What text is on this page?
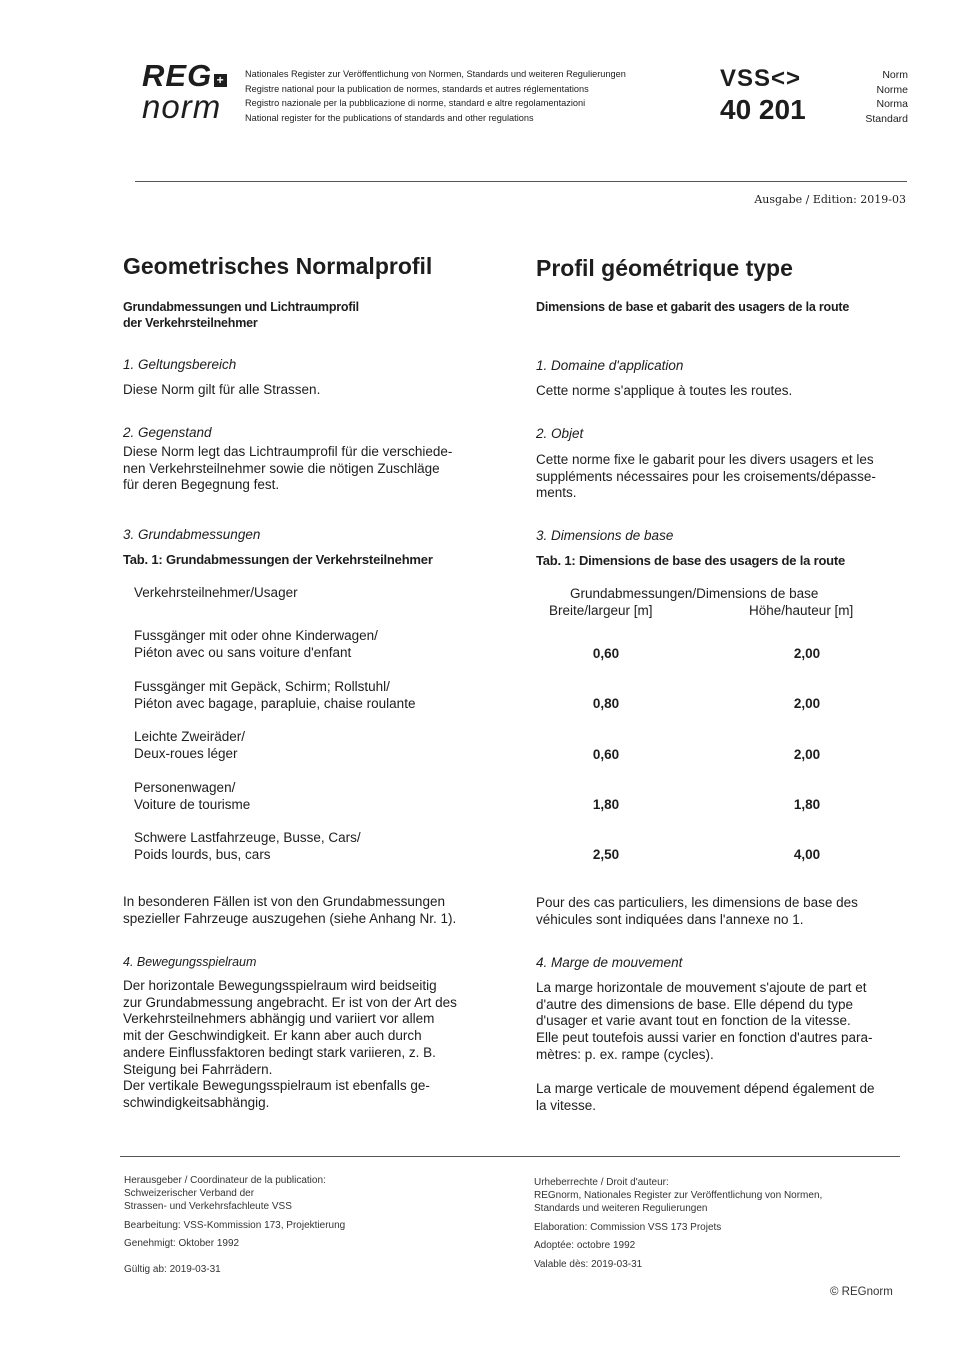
REG +
norm
Nationales Register zur Veröffentlichung von Normen, Standards und weiteren Regulierungen
Registre national pour la publication de normes, standards et autres réglementations
Registro nazionale per la pubblicazione di norme, standard e altre regolamentazioni
National register for the publications of standards and other regulations
VSS<>
40 201
Norm
Norme
Norma
Standard
Ausgabe / Edition: 2019-03
Geometrisches Normalprofil
Grundabmessungen und Lichtraumprofil
der Verkehrsteilnehmer
1. Geltungsbereich
Diese Norm gilt für alle Strassen.
2. Gegenstand
Diese Norm legt das Lichtraumprofil für die verschiede-
nen Verkehrsteilnehmer sowie die nötigen Zuschläge
für deren Begegnung fest.
3. Grundabmessungen
Tab. 1: Grundabmessungen der Verkehrsteilnehmer
Profil géométrique type
Dimensions de base et gabarit des usagers de la route
1. Domaine d'application
Cette norme s'applique à toutes les routes.
2. Objet
Cette norme fixe le gabarit pour les divers usagers et les
suppléments nécessaires pour les croisements/dépasse-
ments.
3. Dimensions de base
Tab. 1: Dimensions de base des usagers de la route
Verkehrsteilnehmer/Usager	Grundabmessungen/Dimensions de base
Breite/largeur [m]	Höhe/hauteur [m]
Fussgänger mit oder ohne Kinderwagen/
Piéton avec ou sans voiture d'enfant	0,60	2,00
Fussgänger mit Gepäck, Schirm; Rollstuhl/
Piéton avec bagage, parapluie, chaise roulante	0,80	2,00
Leichte Zweiräder/
Deux-roues léger	0,60	2,00
Personenwagen/
Voiture de tourisme	1,80	1,80
Schwere Lastfahrzeuge, Busse, Cars/
Poids lourds, bus, cars	2,50	4,00
In besonderen Fällen ist von den Grundabmessungen
spezieller Fahrzeuge auszugehen (siehe Anhang Nr. 1).
Pour des cas particuliers, les dimensions de base des
véhicules sont indiquées dans l'annexe no 1.
4. Bewegungsspielraum
Der horizontale Bewegungsspielraum wird beidseitig
zur Grundabmessung angebracht. Er ist von der Art des
Verkehrsteilnehmers abhängig und variiert vor allem
mit der Geschwindigkeit. Er kann aber auch durch
andere Einflussfaktoren bedingt stark variieren, z. B.
Steigung bei Fahrrädern.
Der vertikale Bewegungsspielraum ist ebenfalls ge-
schwindigkeitsabhängig.
4. Marge de mouvement
La marge horizontale de mouvement s'ajoute de part et
d'autre des dimensions de base. Elle dépend du type
d'usager et varie avant tout en fonction de la vitesse.
Elle peut toutefois aussi varier en fonction d'autres para-
mètres: p. ex. rampe (cycles).
La marge verticale de mouvement dépend également de
la vitesse.
Herausgeber / Coordinateur de la publication:
Schweizerischer Verband der
Strassen- und Verkehrsfachleute VSS
Bearbeitung: VSS-Kommission 173, Projektierung
Genehmigt: Oktober 1992
Gültig ab: 2019-03-31
Urheberrechte / Droit d'auteur:
REGnorm, Nationales Register zur Veröffentlichung von Normen,
Standards und weiteren Regulierungen
Elaboration: Commission VSS 173 Projets
Adoptée: octobre 1992
Valable dès: 2019-03-31
© REGnorm
